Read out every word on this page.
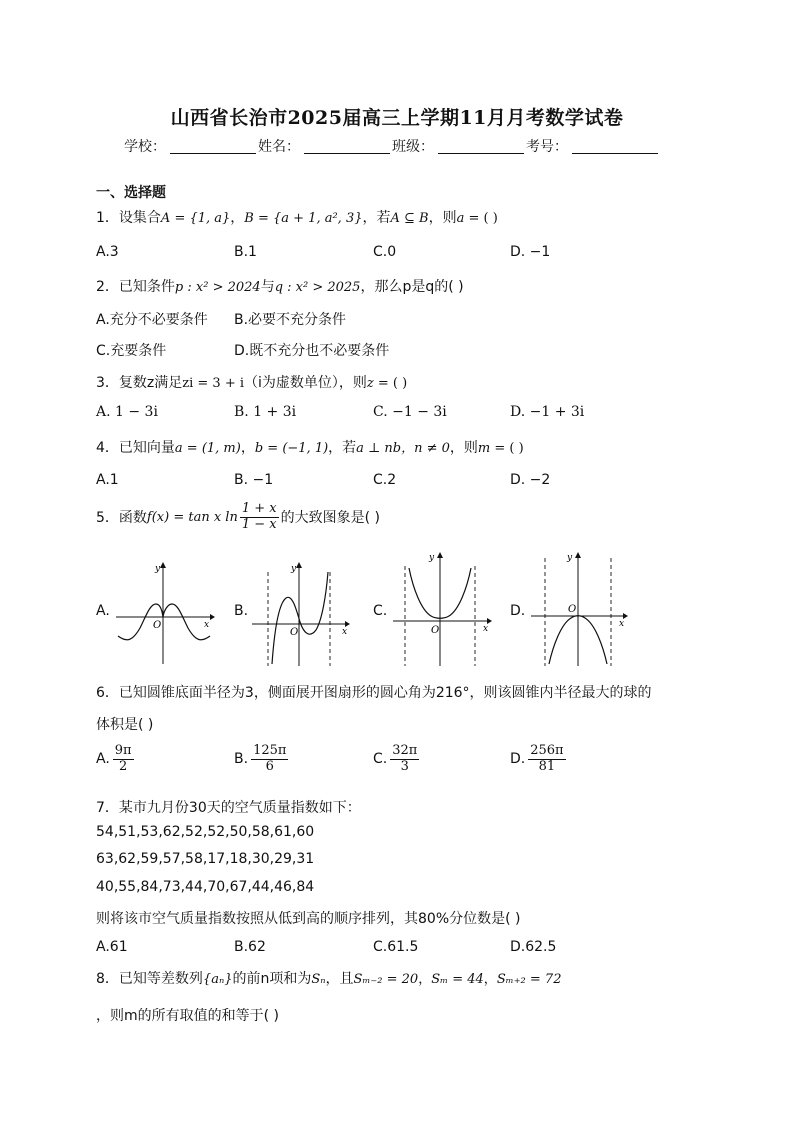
山西省长治市2025届高三上学期11月月考数学试卷
学校：	姓名：	班级：	考号：
一、选择题
1．设集合A = {1, a}，B = {a + 1, a², 3}，若A ⊆ B，则a = ( )
A.3	B.1	C.0	D. −1
2．已知条件p : x² > 2024与q : x² > 2025，那么p是q的( )
A.充分不必要条件 B.必要不充分条件
C.充要条件	D.既不充分也不必要条件
3．复数z满足zi = 3 + i（i为虚数单位），则z = ( )
A. 1 − 3i	B. 1 + 3i	C. −1 − 3i	D. −1 + 3i
4．已知向量a = (1, m)，b = (−1, 1)，若a ⊥ nb，n ≠ 0，则m = ( )
A.1	B. −1	C.2	D. −2
5．函数 f(x) = tan x $\ln \frac{1 + x}{1 - x}$ 的大致图象是( )
A.	B.	C.	D.
y
x
O
y
x
O
y
x
O
y
x
O
6．已知圆锥底面半径为3，侧面展开图扇形的圆心角为216°，则该圆锥内半径最大的球的
体积是( )
A. $\frac{9\pi}{2}$	B. $\frac{125\pi}{6}$	C. $\frac{32\pi}{3}$	D. $\frac{256\pi}{81}$
7．某市九月份30天的空气质量指数如下：
54,51,53,62,52,52,50,58,61,60
63,62,59,57,58,17,18,30,29,31
40,55,84,73,44,70,67,44,46,84
则将该市空气质量指数按照从低到高的顺序排列，其80%分位数是( )
A.61	B.62	C.61.5	D.62.5
8．已知等差数列{aₙ}的前n项和为Sₙ，且Sₘ₋₂ = 20，Sₘ = 44，Sₘ₊₂ = 72
，则m的所有取值的和等于( )
